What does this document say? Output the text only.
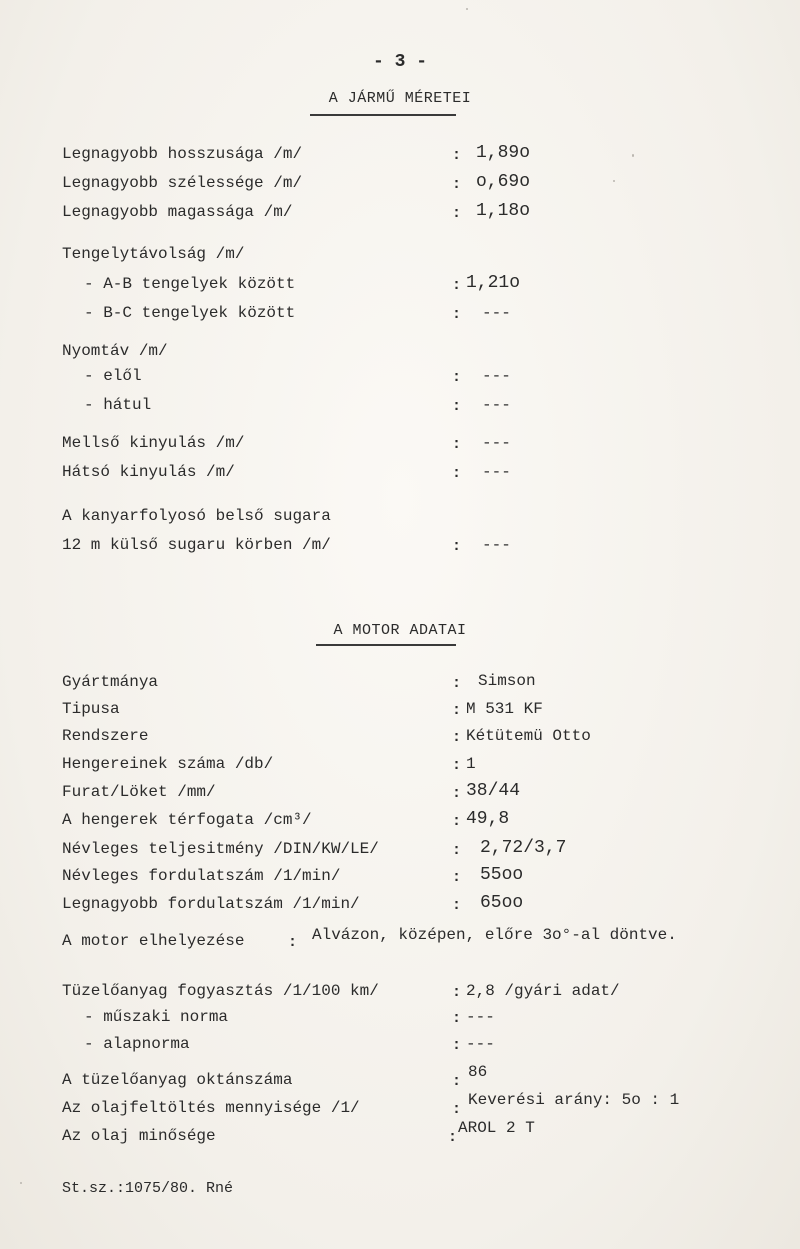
- 3 -
A JÁRMŰ MÉRETEI
Legnagyobb hosszusága /m/	: 1,89o
Legnagyobb szélessége /m/	: o,69o
Legnagyobb magassága /m/	: 1,18o
Tengelytávolság /m/
- A-B tengelyek között	: 1,21o
- B-C tengelyek között	: ---
Nyomtáv /m/
- elől	: ---
- hátul	: ---
Mellső kinyulás /m/	: ---
Hátsó kinyulás /m/	: ---
A kanyarfolyosó belső sugara
12 m külső sugaru körben /m/	: ---
A MOTOR ADATAI
Gyártmánya	: Simson
Tipusa	: M 531 KF
Rendszere	: Kétütemü Otto
Hengereinek száma /db/	: 1
Furat/Löket /mm/	: 38/44
A hengerek térfogata /cm³/	: 49,8
Névleges teljesitmény /DIN/KW/LE/	: 2,72/3,7
Névleges fordulatszám /1/min/	: 55oo
Legnagyobb fordulatszám /1/min/	: 65oo
A motor elhelyezése	: Alvázon, középen, előre 3o°-al döntve.
Tüzelőanyag fogyasztás /1/100 km/	: 2,8 /gyári adat/
- műszaki norma	: ---
- alapnorma	: ---
A tüzelőanyag oktánszáma	:
86
Az olajfeltöltés mennyisége /1/	:
Keverési arány: 5o : 1
Az olaj minősége	:
AROL 2 T
St.sz.:1075/80. Rné
